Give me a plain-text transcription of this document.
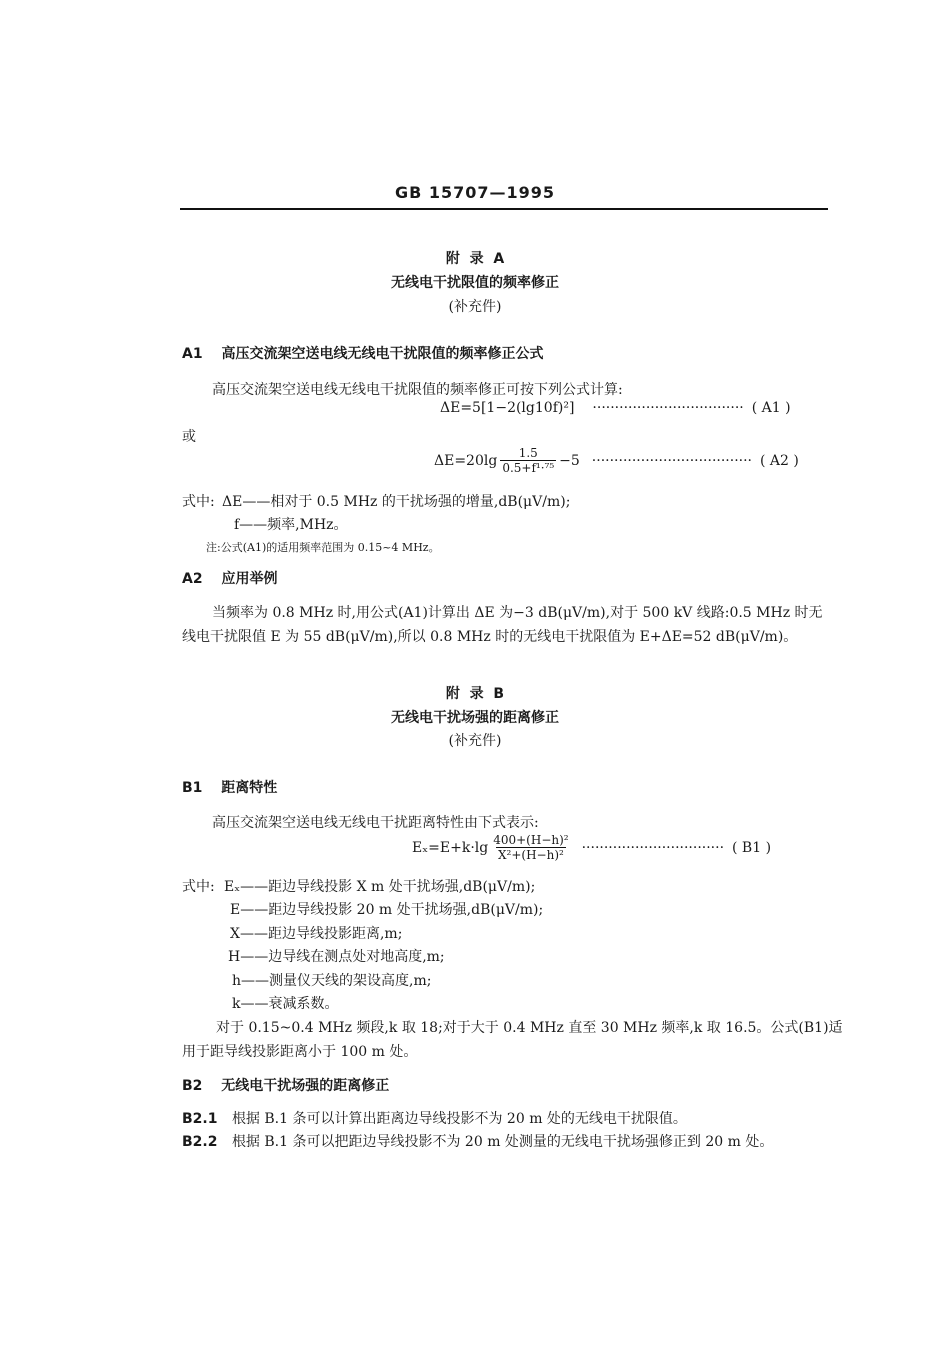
GB 15707—1995
附  录  A
无线电干扰限值的频率修正
(补充件)
A1 高压交流架空送电线无线电干扰限值的频率修正公式
高压交流架空送电线无线电干扰限值的频率修正可按下列公式计算:
ΔE=5[1−2(lg10f)²] ·································· ( A1 )
或
$\Delta E=20\lg \frac{1.5}{\text{0.5+f¹·⁷⁵}} -5$ ···································· ( A2 )
式中: ΔE——相对于 0.5 MHz 的干扰场强的增量,dB(μV/m);
f——频率,MHz。
注:公式(A1)的适用频率范围为 0.15~4 MHz。
A2 应用举例
当频率为 0.8 MHz 时,用公式(A1)计算出 ΔE 为−3 dB(μV/m),对于 500 kV 线路:0.5 MHz 时无
线电干扰限值 E 为 55 dB(μV/m),所以 0.8 MHz 时的无线电干扰限值为 E+ΔE=52 dB(μV/m)。
附  录  B
无线电干扰场强的距离修正
(补充件)
B1 距离特性
高压交流架空送电线无线电干扰距离特性由下式表示:
$E_x=E+k\cdot\lg \frac{\text{400+(H−h)²}}{\text{X²+(H−h)²}}$ ································ ( B1 )
式中: Eₓ——距边导线投影 X m 处干扰场强,dB(μV/m);
E——距边导线投影 20 m 处干扰场强,dB(μV/m);
X——距边导线投影距离,m;
H——边导线在测点处对地高度,m;
h——测量仪天线的架设高度,m;
k——衰减系数。
对于 0.15~0.4 MHz 频段,k 取 18;对于大于 0.4 MHz 直至 30 MHz 频率,k 取 16.5。公式(B1)适
用于距导线投影距离小于 100 m 处。
B2 无线电干扰场强的距离修正
B2.1 根据 B.1 条可以计算出距离边导线投影不为 20 m 处的无线电干扰限值。
B2.2 根据 B.1 条可以把距边导线投影不为 20 m 处测量的无线电干扰场强修正到 20 m 处。
